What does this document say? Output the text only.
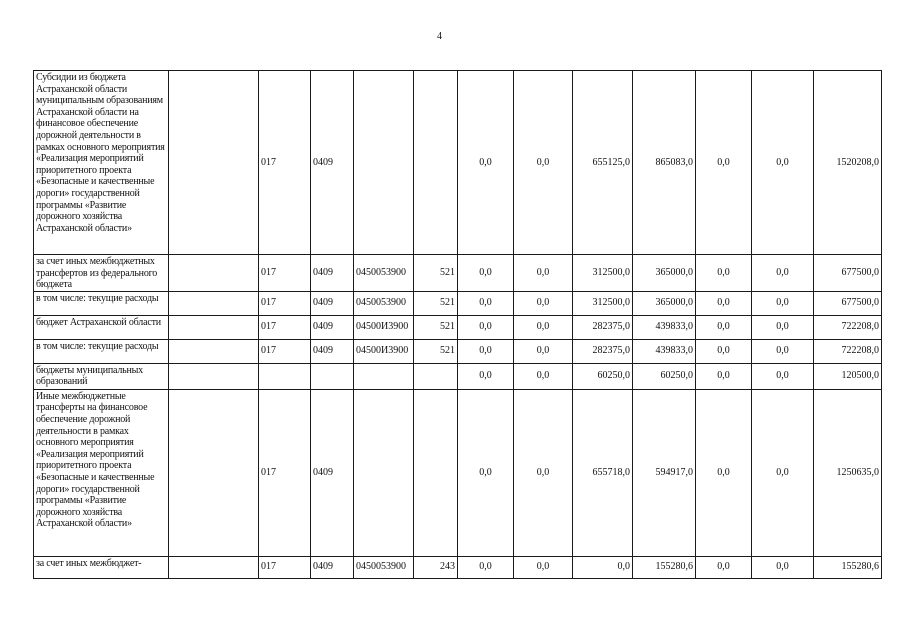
4
Субсидии из бюджета Астраханской области муниципальным образованиям Астраханской области на финансовое обеспечение дорожной деятельности в рамках основного мероприятия «Реализация мероприятий приоритетного проекта «Безопасные и качественные дороги» государственной программы «Развитие дорожного хозяйства Астраханской области»		017	0409			0,0	0,0	655125,0	865083,0	0,0	0,0	1520208,0
за счет иных межбюджетных трансфертов из федерального бюджета		017	0409	0450053900	521	0,0	0,0	312500,0	365000,0	0,0	0,0	677500,0
в том числе: текущие расходы		017	0409	0450053900	521	0,0	0,0	312500,0	365000,0	0,0	0,0	677500,0
бюджет Астраханской области		017	0409	04500И3900	521	0,0	0,0	282375,0	439833,0	0,0	0,0	722208,0
в том числе: текущие расходы		017	0409	04500И3900	521	0,0	0,0	282375,0	439833,0	0,0	0,0	722208,0
бюджеты муниципальных образований						0,0	0,0	60250,0	60250,0	0,0	0,0	120500,0
Иные межбюджетные трансферты на финансовое обеспечение дорожной деятельности в рамках основного мероприятия «Реализация мероприятий приоритетного проекта «Безопасные и качественные дороги» государственной программы «Развитие дорожного хозяйства Астраханской области»		017	0409			0,0	0,0	655718,0	594917,0	0,0	0,0	1250635,0
за счет иных межбюджет-		017	0409	0450053900	243	0,0	0,0	0,0	155280,6	0,0	0,0	155280,6
